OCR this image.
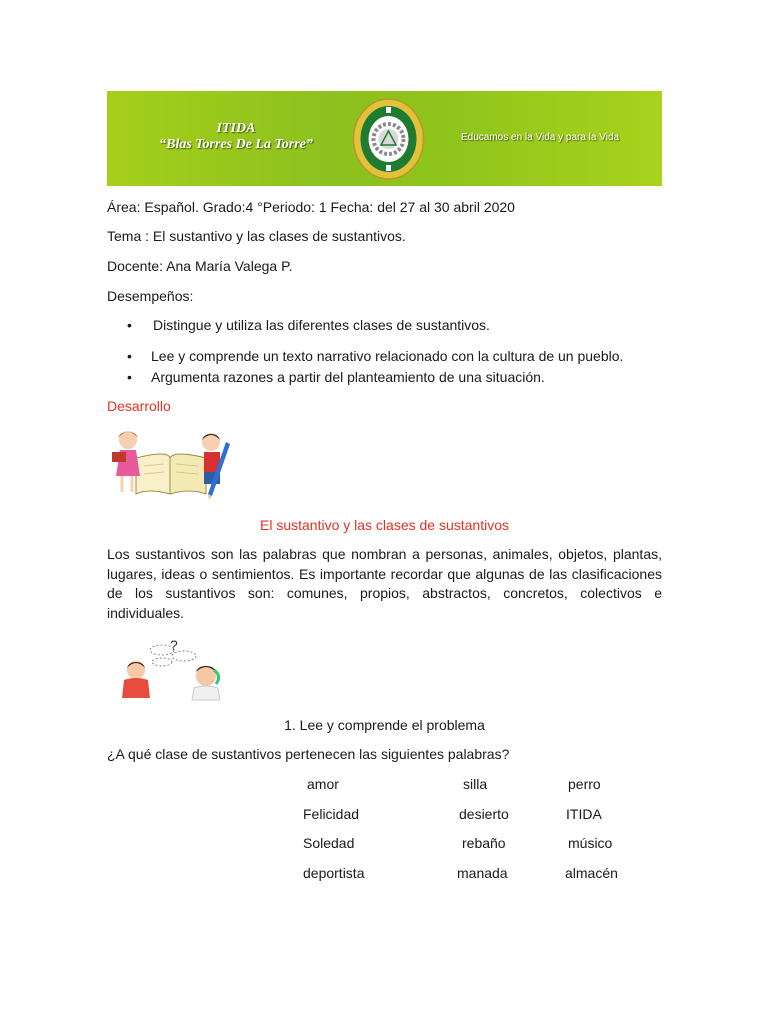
ITIDA
“Blas Torres De La Torre”	Educamos en la Vida y para la Vida
Área: Español. Grado:4 °Periodo: 1 Fecha: del 27 al 30 abril 2020
Tema : El sustantivo y las clases de sustantivos.
Docente: Ana María Valega P.
Desempeños:
• Distingue y utiliza las diferentes clases de sustantivos.
• Lee y comprende un texto narrativo relacionado con la cultura de un pueblo.
• Argumenta razones a partir del planteamiento de una situación.
Desarrollo
El sustantivo y las clases de sustantivos
Los sustantivos son las palabras que nombran a personas, animales, objetos, plantas, lugares, ideas o sentimientos. Es importante recordar que algunas de las clasificaciones de los sustantivos son: comunes, propios, abstractos, concretos, colectivos e individuales.
?
1. Lee y comprende el problema
¿A qué clase de sustantivos pertenecen las siguientes palabras?
amor	silla	perro
Felicidad	desierto	ITIDA
Soledad	rebaño	músico
deportista	manada	almacén
